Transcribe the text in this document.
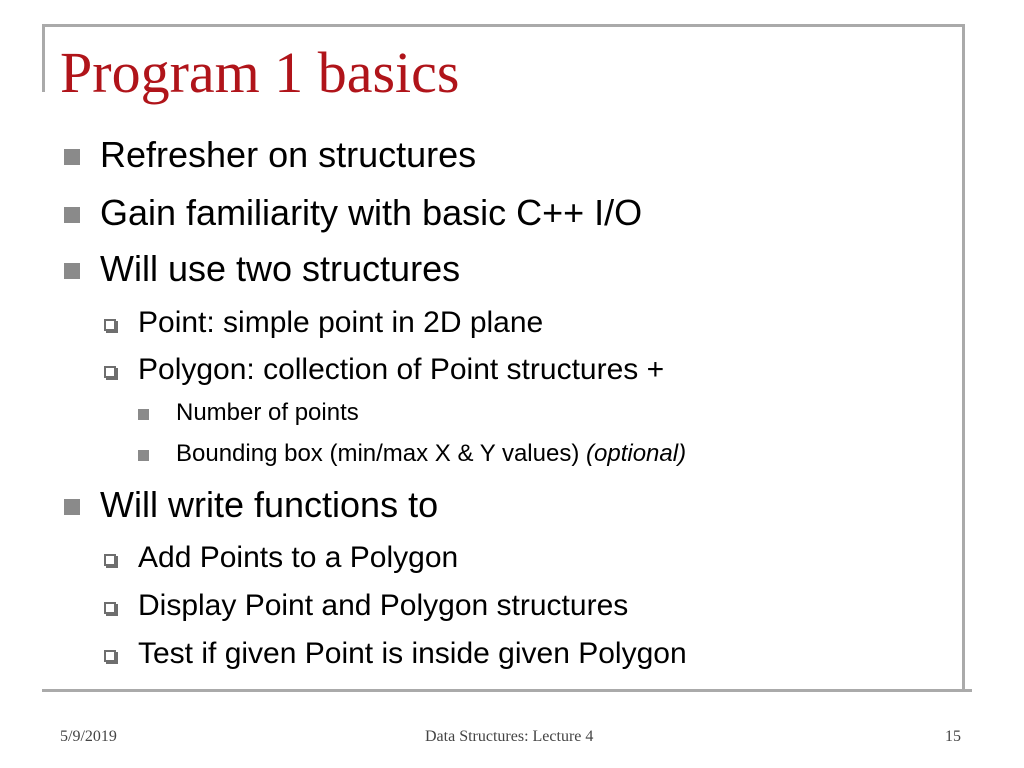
Program 1 basics
Refresher on structures
Gain familiarity with basic C++ I/O
Will use two structures
Point: simple point in 2D plane
Polygon: collection of Point structures +
Number of points
Bounding box (min/max X & Y values) (optional)
Will write functions to
Add Points to a Polygon
Display Point and Polygon structures
Test if given Point is inside given Polygon
5/9/2019	Data Structures: Lecture 4	15
